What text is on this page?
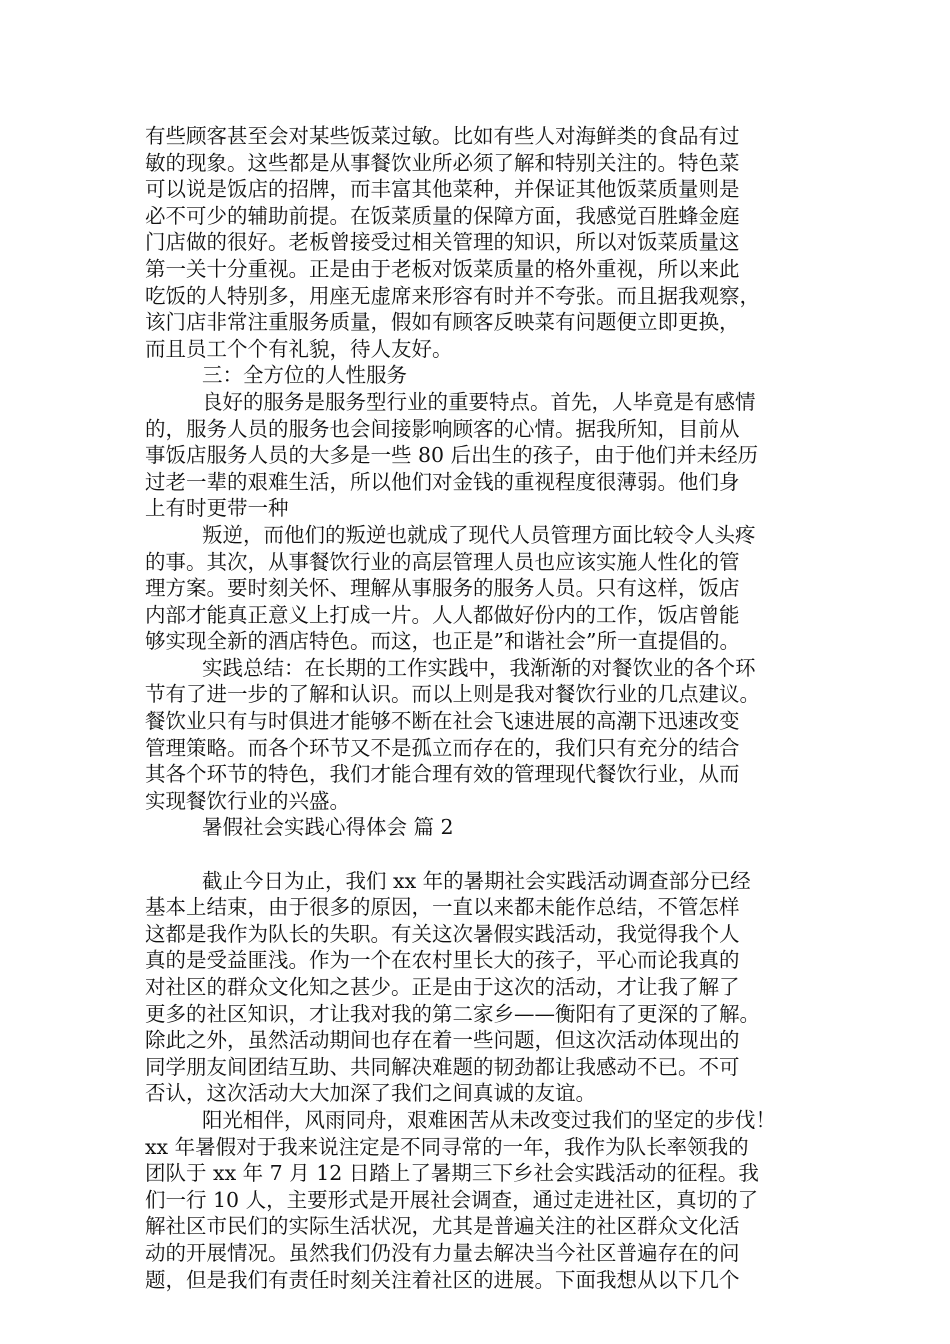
有些顾客甚至会对某些饭菜过敏。比如有些人对海鲜类的食品有过
敏的现象。这些都是从事餐饮业所必须了解和特别关注的。特色菜
可以说是饭店的招牌，而丰富其他菜种，并保证其他饭菜质量则是
必不可少的辅助前提。在饭菜质量的保障方面，我感觉百胜蜂金庭
门店做的很好。老板曾接受过相关管理的知识，所以对饭菜质量这
第一关十分重视。正是由于老板对饭菜质量的格外重视，所以来此
吃饭的人特别多，用座无虚席来形容有时并不夸张。而且据我观察，
该门店非常注重服务质量，假如有顾客反映菜有问题便立即更换，
而且员工个个有礼貌，待人友好。
三：全方位的人性服务
良好的服务是服务型行业的重要特点。首先，人毕竟是有感情
的，服务人员的服务也会间接影响顾客的心情。据我所知，目前从
事饭店服务人员的大多是一些 80 后出生的孩子，由于他们并未经历
过老一辈的艰难生活，所以他们对金钱的重视程度很薄弱。他们身
上有时更带一种
叛逆，而他们的叛逆也就成了现代人员管理方面比较令人头疼
的事。其次，从事餐饮行业的高层管理人员也应该实施人性化的管
理方案。要时刻关怀、理解从事服务的服务人员。只有这样，饭店
内部才能真正意义上打成一片。人人都做好份内的工作，饭店曾能
够实现全新的酒店特色。而这，也正是”和谐社会”所一直提倡的。
实践总结：在长期的工作实践中，我渐渐的对餐饮业的各个环
节有了进一步的了解和认识。而以上则是我对餐饮行业的几点建议。
餐饮业只有与时俱进才能够不断在社会飞速进展的高潮下迅速改变
管理策略。而各个环节又不是孤立而存在的，我们只有充分的结合
其各个环节的特色，我们才能合理有效的管理现代餐饮行业，从而
实现餐饮行业的兴盛。
暑假社会实践心得体会 篇 2
截止今日为止，我们 xx 年的暑期社会实践活动调查部分已经
基本上结束，由于很多的原因，一直以来都未能作总结，不管怎样
这都是我作为队长的失职。有关这次暑假实践活动，我觉得我个人
真的是受益匪浅。作为一个在农村里长大的孩子，平心而论我真的
对社区的群众文化知之甚少。正是由于这次的活动，才让我了解了
更多的社区知识，才让我对我的第二家乡——衡阳有了更深的了解。
除此之外，虽然活动期间也存在着一些问题，但这次活动体现出的
同学朋友间团结互助、共同解决难题的韧劲都让我感动不已。不可
否认，这次活动大大加深了我们之间真诚的友谊。
阳光相伴，风雨同舟，艰难困苦从未改变过我们的坚定的步伐！
xx 年暑假对于我来说注定是不同寻常的一年，我作为队长率领我的
团队于 xx 年 7 月 12 日踏上了暑期三下乡社会实践活动的征程。我
们一行 10 人，主要形式是开展社会调查，通过走进社区，真切的了
解社区市民们的实际生活状况，尤其是普遍关注的社区群众文化活
动的开展情况。虽然我们仍没有力量去解决当今社区普遍存在的问
题，但是我们有责任时刻关注着社区的进展。下面我想从以下几个
